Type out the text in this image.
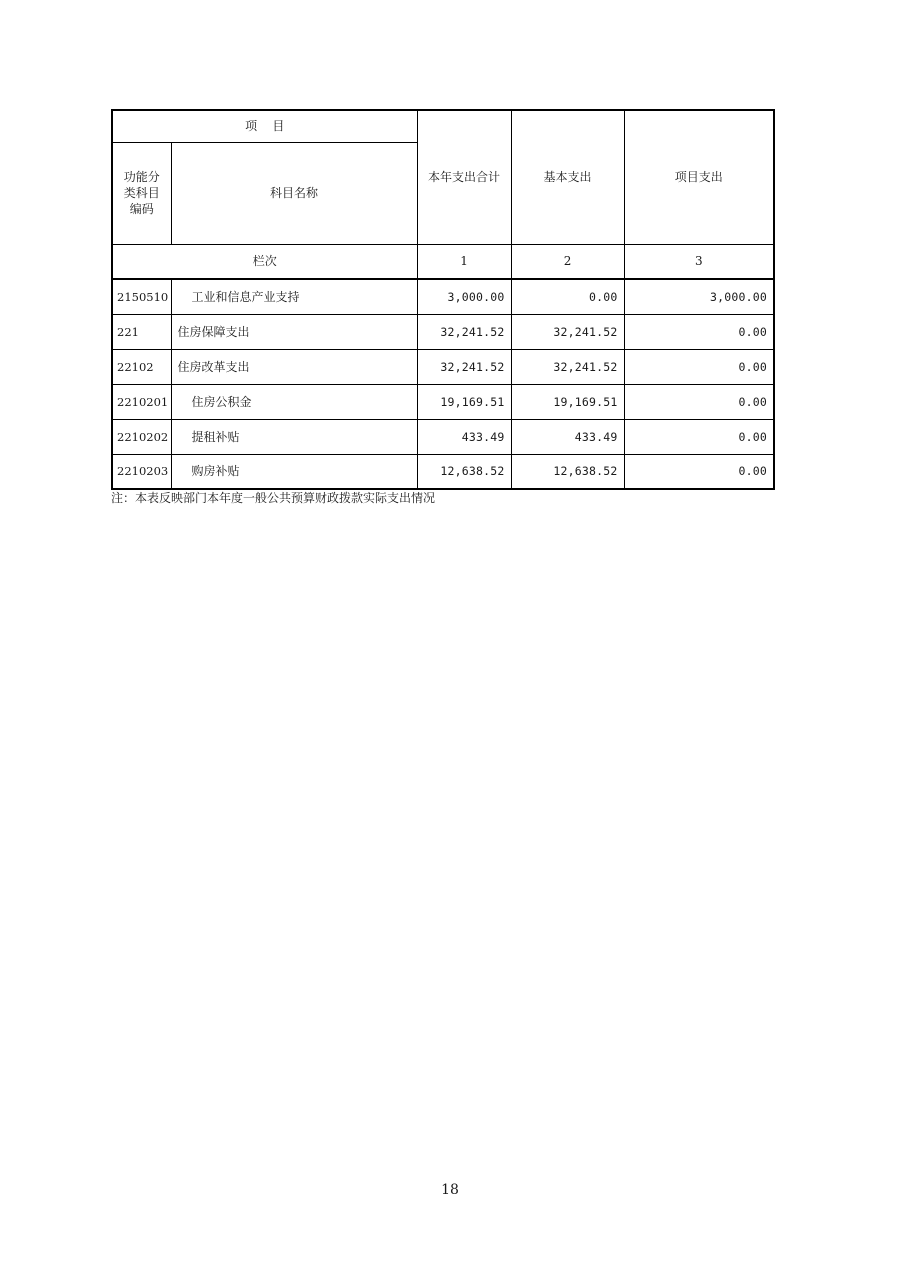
项    目		本年支出合计	基本支出	项目支出
功能分
类科目
编码	科目名称			
栏次		1	2	3
2150510	工业和信息产业支持	3,000.00	0.00	3,000.00
221	住房保障支出	32,241.52	32,241.52	0.00
22102	住房改革支出	32,241.52	32,241.52	0.00
2210201	住房公积金	19,169.51	19,169.51	0.00
2210202	提租补贴	433.49	433.49	0.00
2210203	购房补贴	12,638.52	12,638.52	0.00
注：本表反映部门本年度一般公共预算财政拨款实际支出情况
18
